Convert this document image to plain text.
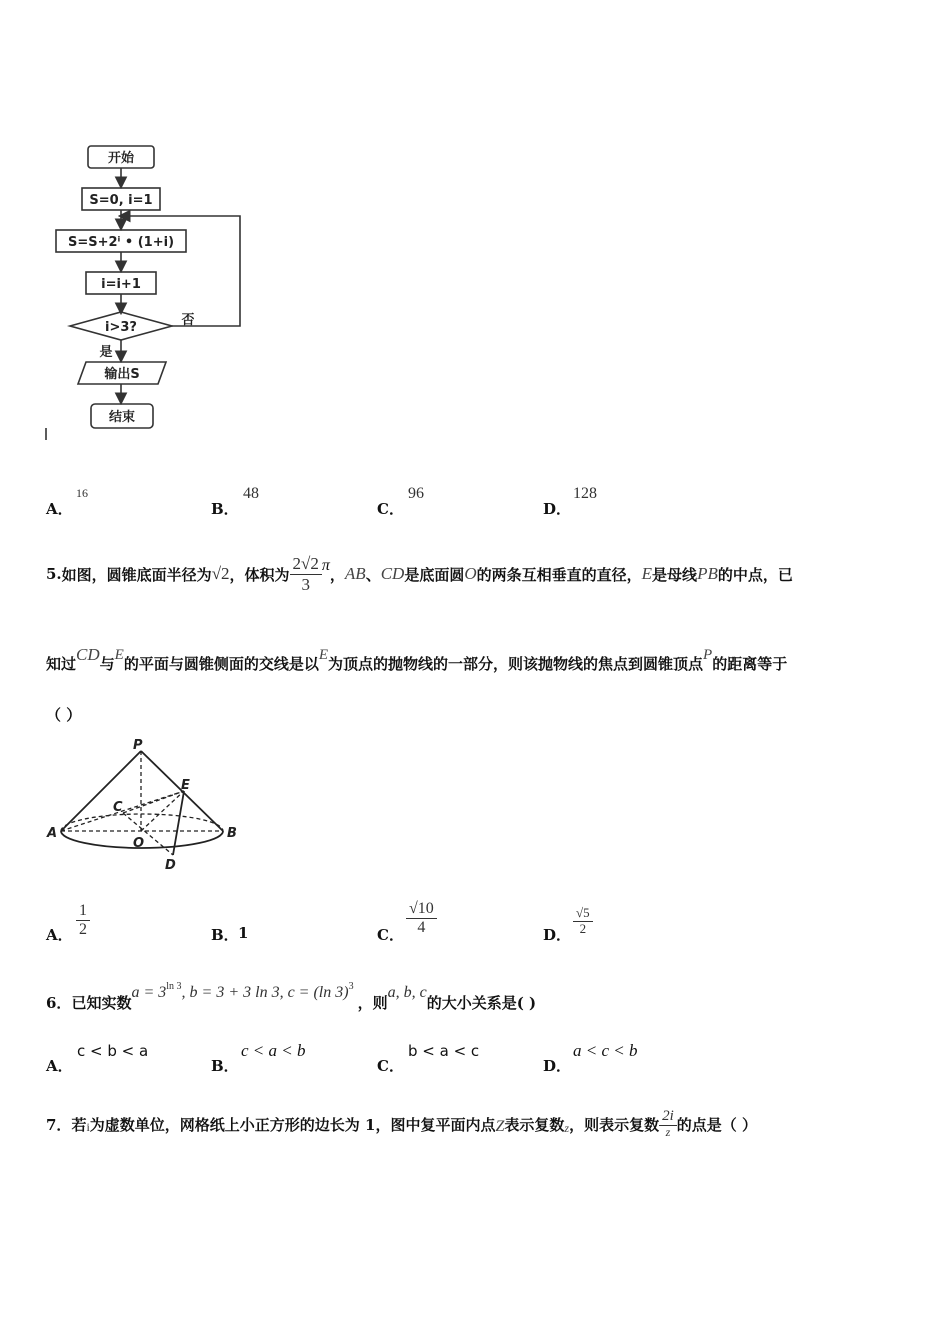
开始
S=0, i=1
S=S+2ⁱ • (1+i)
i=i+1
i>3?	否
是
输出S
结束
A．
16
B．
48
C．
96
D．
128
5. 如图，圆锥底面半径为 √2 ，体积为 $\frac{2√2}{3}$ π ， AB 、 CD 是底面圆 O 的两条互相垂直的直径， E 是母线 PB 的中点，已
知过 CD 与 E 的平面与圆锥侧面的交线是以 E 为顶点的抛物线的一部分，则该抛物线的焦点到圆锥顶点 P 的距离等于
（ ）
P
E
C
A
O
B
D
A． $\frac{1}{2}$	B． 1	C． $\frac{√10}{4}$	D． $\frac{√5}{2}$
6． 已知实数
a = 3 ln 3 , b = 3 + 3 ln 3, c = (ln 3) 3
，则
a, b, c
的大小关系是( )
A．
c < b < a
B．
c < a < b
C．
b < a < c
D．
a < c < b
7． 若 i 为虚数单位，网格纸上小正方形的边长为 1，图中复平面内点 Z 表示复数 z ，则表示复数 $\frac{2i}{z}$ 的点是（ ）
